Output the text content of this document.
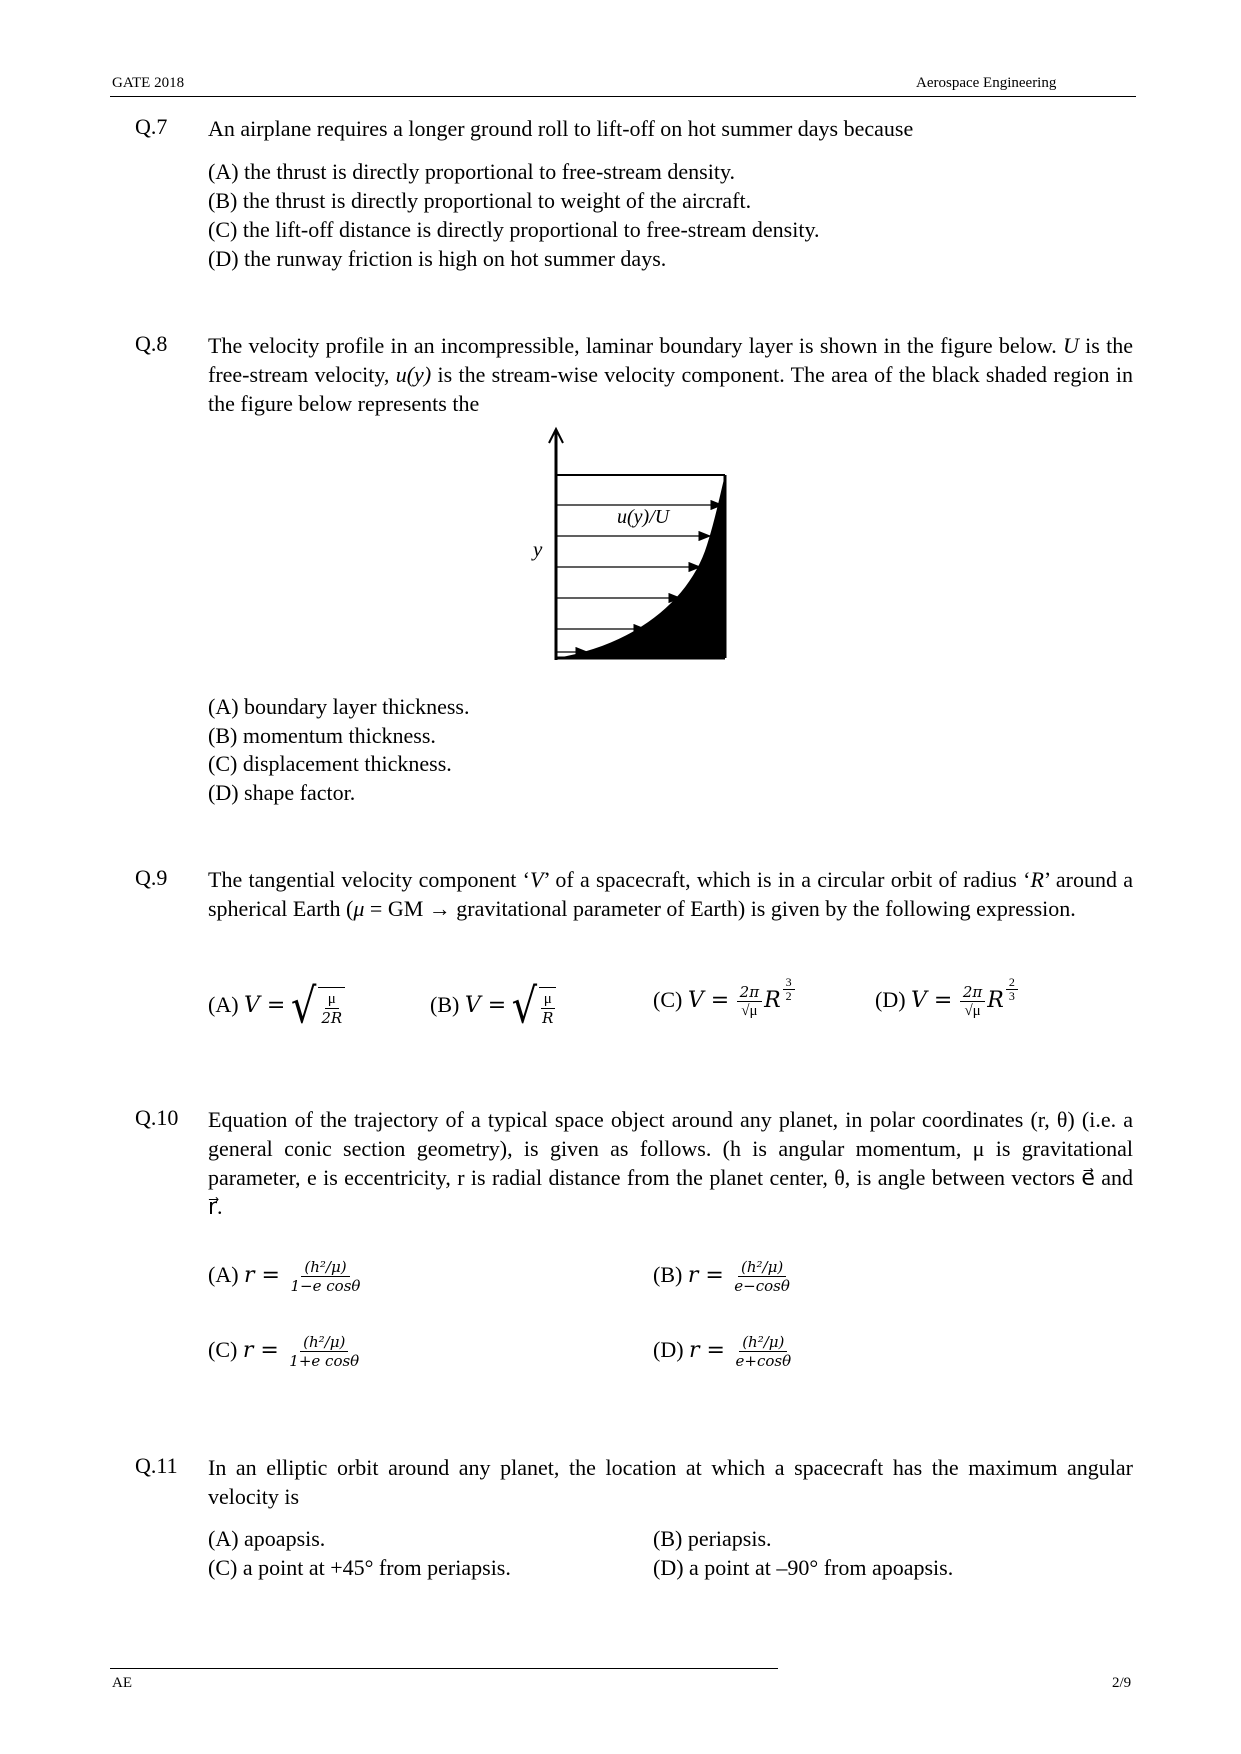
GATE 2018	Aerospace Engineering
Q.7 An airplane requires a longer ground roll to lift-off on hot summer days because
(A) the thrust is directly proportional to free-stream density.
(B) the thrust is directly proportional to weight of the aircraft.
(C) the lift-off distance is directly proportional to free-stream density.
(D) the runway friction is high on hot summer days.
Q.8 The velocity profile in an incompressible, laminar boundary layer is shown in the figure below. U is the free-stream velocity, u(y) is the stream-wise velocity component. The area of the black shaded region in the figure below represents the
u(y)/U
y
(A) boundary layer thickness.
(B) momentum thickness.
(C) displacement thickness.
(D) shape factor.
Q.9 The tangential velocity component ‘V’ of a spacecraft, which is in a circular orbit of radius ‘R’ around a spherical Earth (μ = GM → gravitational parameter of Earth) is given by the following expression.
(A) V = √ $\frac{\mu}{2R}$	(B) V = √ $\frac{\mu}{R}$	(C) $V = \frac{2\pi}{√\mu}$ R $\frac{3}{2}$	(D) $V = \frac{2\pi}{√\mu}$ R $\frac{2}{3}$
Q.10 Equation of the trajectory of a typical space object around any planet, in polar coordinates (r, θ) (i.e. a general conic section geometry), is given as follows. (h is angular momentum, μ is gravitational parameter, e is eccentricity, r is radial distance from the planet center, θ, is angle between vectors e⃗ and r⃗.
(A) $r = \frac{\text{(h²/μ)}}{\text{1−e cosθ}}$	(B) $r = \frac{\text{(h²/μ)}}{e-\cos\theta}$
(C) $r = \frac{\text{(h²/μ)}}{\text{1+e cosθ}}$	(D) $r = \frac{\text{(h²/μ)}}{e+\cos\theta}$
Q.11 In an elliptic orbit around any planet, the location at which a spacecraft has the maximum angular velocity is
(A) apoapsis.	(B) periapsis.
(C) a point at +45° from periapsis.	(D) a point at –90° from apoapsis.
AE	2/9
